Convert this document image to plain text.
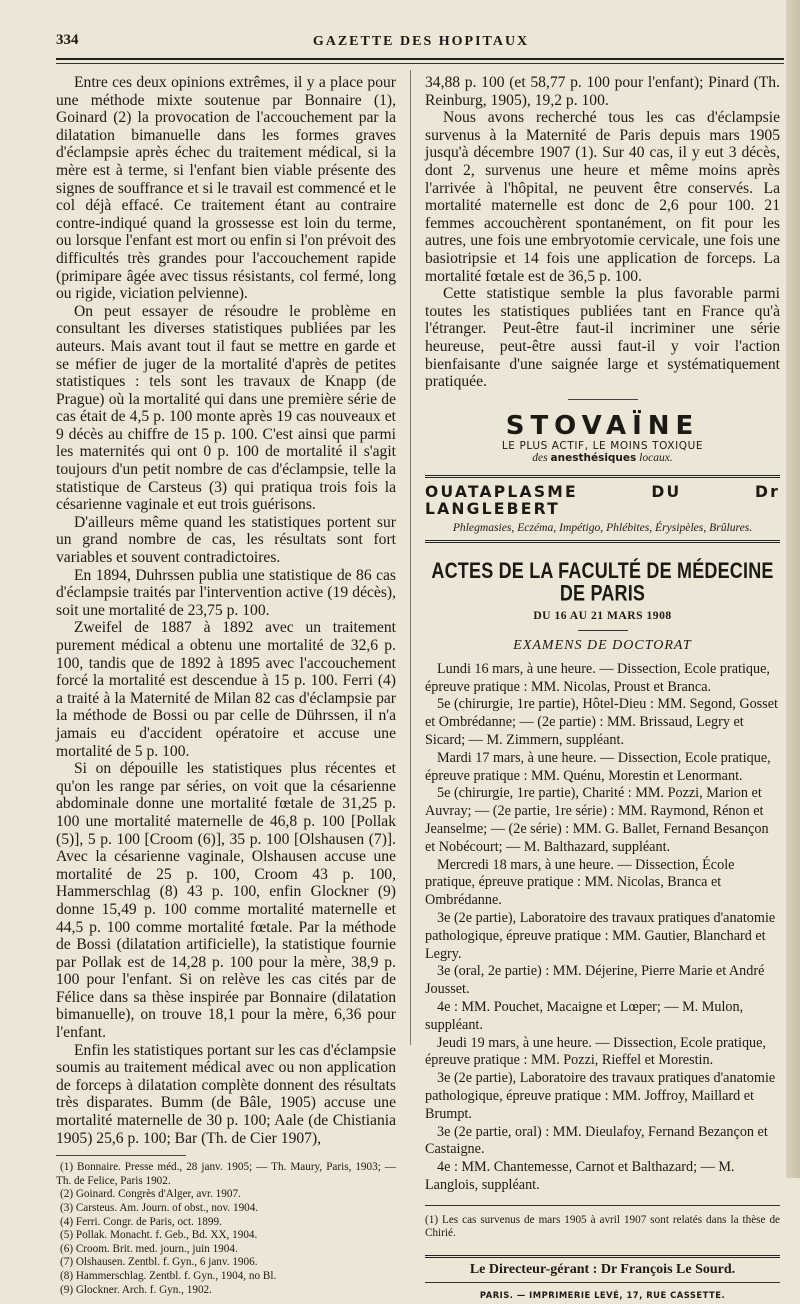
334	GAZETTE DES HOPITAUX

Entre ces deux opinions extrêmes, il y a place pour une méthode mixte soutenue par Bonnaire (1), Goinard (2) la provocation de l'accouchement par la dilatation bimanuelle dans les formes graves d'éclampsie après échec du traitement médical, si la mère est à terme, si l'enfant bien viable présente des signes de souffrance et si le travail est commencé et le col déjà effacé. Ce traitement étant au contraire contre-indiqué quand la grossesse est loin du terme, ou lorsque l'enfant est mort ou enfin si l'on prévoit des difficultés très grandes pour l'accouchement rapide (primipare âgée avec tissus résistants, col fermé, long ou rigide, viciation pelvienne).

On peut essayer de résoudre le problème en consultant les diverses statistiques publiées par les auteurs. Mais avant tout il faut se mettre en garde et se méfier de juger de la mortalité d'après de petites statistiques : tels sont les travaux de Knapp (de Prague) où la mortalité qui dans une première série de cas était de 4,5 p. 100 monte après 19 cas nouveaux et 9 décès au chiffre de 15 p. 100. C'est ainsi que parmi les maternités qui ont 0 p. 100 de mortalité il s'agit toujours d'un petit nombre de cas d'éclampsie, telle la statistique de Carsteus (3) qui pratiqua trois fois la césarienne vaginale et eut trois guérisons.

D'ailleurs même quand les statistiques portent sur un grand nombre de cas, les résultats sont fort variables et souvent contradictoires.

En 1894, Duhrssen publia une statistique de 86 cas d'éclampsie traités par l'intervention active (19 décès), soit une mortalité de 23,75 p. 100.

Zweifel de 1887 à 1892 avec un traitement purement médical a obtenu une mortalité de 32,6 p. 100, tandis que de 1892 à 1895 avec l'accouchement forcé la mortalité est descendue à 15 p. 100. Ferri (4) a traité à la Maternité de Milan 82 cas d'éclampsie par la méthode de Bossi ou par celle de Dührssen, il n'a jamais eu d'accident opératoire et accuse une mortalité de 5 p. 100.

Si on dépouille les statistiques plus récentes et qu'on les range par séries, on voit que la césarienne abdominale donne une mortalité fœtale de 31,25 p. 100 une mortalité maternelle de 46,8 p. 100 [Pollak (5)], 5 p. 100 [Croom (6)], 35 p. 100 [Olshausen (7)]. Avec la césarienne vaginale, Olshausen accuse une mortalité de 25 p. 100, Croom 43 p. 100, Hammerschlag (8) 43 p. 100, enfin Glockner (9) donne 15,49 p. 100 comme mortalité maternelle et 44,5 p. 100 comme mortalité fœtale. Par la méthode de Bossi (dilatation artificielle), la statistique fournie par Pollak est de 14,28 p. 100 pour la mère, 38,9 p. 100 pour l'enfant. Si on relève les cas cités par de Félice dans sa thèse inspirée par Bonnaire (dilatation bimanuelle), on trouve 18,1 pour la mère, 6,36 pour l'enfant.

Enfin les statistiques portant sur les cas d'éclampsie soumis au traitement médical avec ou non application de forceps à dilatation complète donnent des résultats très disparates. Bumm (de Bâle, 1905) accuse une mortalité maternelle de 30 p. 100; Aale (de Chistiania 1905) 25,6 p. 100; Bar (Th. de Cier 1907),

(1) Bonnaire. Presse méd., 28 janv. 1905; — Th. Maury, Paris, 1903; — Th. de Felice, Paris 1902.
(2) Goinard. Congrès d'Alger, avr. 1907.
(3) Carsteus. Am. Journ. of obst., nov. 1904.
(4) Ferri. Congr. de Paris, oct. 1899.
(5) Pollak. Monacht. f. Geb., Bd. XX, 1904.
(6) Croom. Brit. med. journ., juin 1904.
(7) Olshausen. Zentbl. f. Gyn., 6 janv. 1906.
(8) Hammerschlag. Zentbl. f. Gyn., 1904, no Bl.
(9) Glockner. Arch. f. Gyn., 1902.

34,88 p. 100 (et 58,77 p. 100 pour l'enfant); Pinard (Th. Reinburg, 1905), 19,2 p. 100.

Nous avons recherché tous les cas d'éclampsie survenus à la Maternité de Paris depuis mars 1905 jusqu'à décembre 1907 (1). Sur 40 cas, il y eut 3 décès, dont 2, survenus une heure et même moins après l'arrivée à l'hôpital, ne peuvent être conservés. La mortalité maternelle est donc de 2,6 pour 100. 21 femmes accouchèrent spontanément, on fit pour les autres, une fois une embryotomie cervicale, une fois une basiotripsie et 14 fois une application de forceps. La mortalité fœtale est de 36,5 p. 100.

Cette statistique semble la plus favorable parmi toutes les statistiques publiées tant en France qu'à l'étranger. Peut-être faut-il incriminer une série heureuse, peut-être aussi faut-il y voir l'action bienfaisante d'une saignée large et systématiquement pratiquée.

STOVAÏNE
LE PLUS ACTIF, LE MOINS TOXIQUE
des anesthésiques locaux.
OUATAPLASME DU Dr LANGLEBERT
Phlegmasies, Eczéma, Impétigo, Phlébites, Érysipèles, Brûlures.
ACTES DE LA FACULTÉ DE MÉDECINE DE PARIS
DU 16 AU 21 MARS 1908
EXAMENS DE DOCTORAT

Lundi 16 mars, à une heure. — Dissection, Ecole pratique, épreuve pratique : MM. Nicolas, Proust et Branca.

5e (chirurgie, 1re partie), Hôtel-Dieu : MM. Segond, Gosset et Ombrédanne; — (2e partie) : MM. Brissaud, Legry et Sicard; — M. Zimmern, suppléant.

Mardi 17 mars, à une heure. — Dissection, Ecole pratique, épreuve pratique : MM. Quénu, Morestin et Lenormant.

5e (chirurgie, 1re partie), Charité : MM. Pozzi, Marion et Auvray; — (2e partie, 1re série) : MM. Raymond, Rénon et Jeanselme; — (2e série) : MM. G. Ballet, Fernand Besançon et Nobécourt; — M. Balthazard, suppléant.

Mercredi 18 mars, à une heure. — Dissection, École pratique, épreuve pratique : MM. Nicolas, Branca et Ombrédanne.

3e (2e partie), Laboratoire des travaux pratiques d'anatomie pathologique, épreuve pratique : MM. Gautier, Blanchard et Legry.

3e (oral, 2e partie) : MM. Déjerine, Pierre Marie et André Jousset.

4e : MM. Pouchet, Macaigne et Lœper; — M. Mulon, suppléant.

Jeudi 19 mars, à une heure. — Dissection, Ecole pratique, épreuve pratique : MM. Pozzi, Rieffel et Morestin.

3e (2e partie), Laboratoire des travaux pratiques d'anatomie pathologique, épreuve pratique : MM. Joffroy, Maillard et Brumpt.

3e (2e partie, oral) : MM. Dieulafoy, Fernand Bezançon et Castaigne.

4e : MM. Chantemesse, Carnot et Balthazard; — M. Langlois, suppléant.

(1) Les cas survenus de mars 1905 à avril 1907 sont relatés dans la thèse de Chirié.
Le Directeur-gérant : Dr François Le Sourd.
PARIS. — IMPRIMERIE LEVÉ, 17, RUE CASSETTE.
